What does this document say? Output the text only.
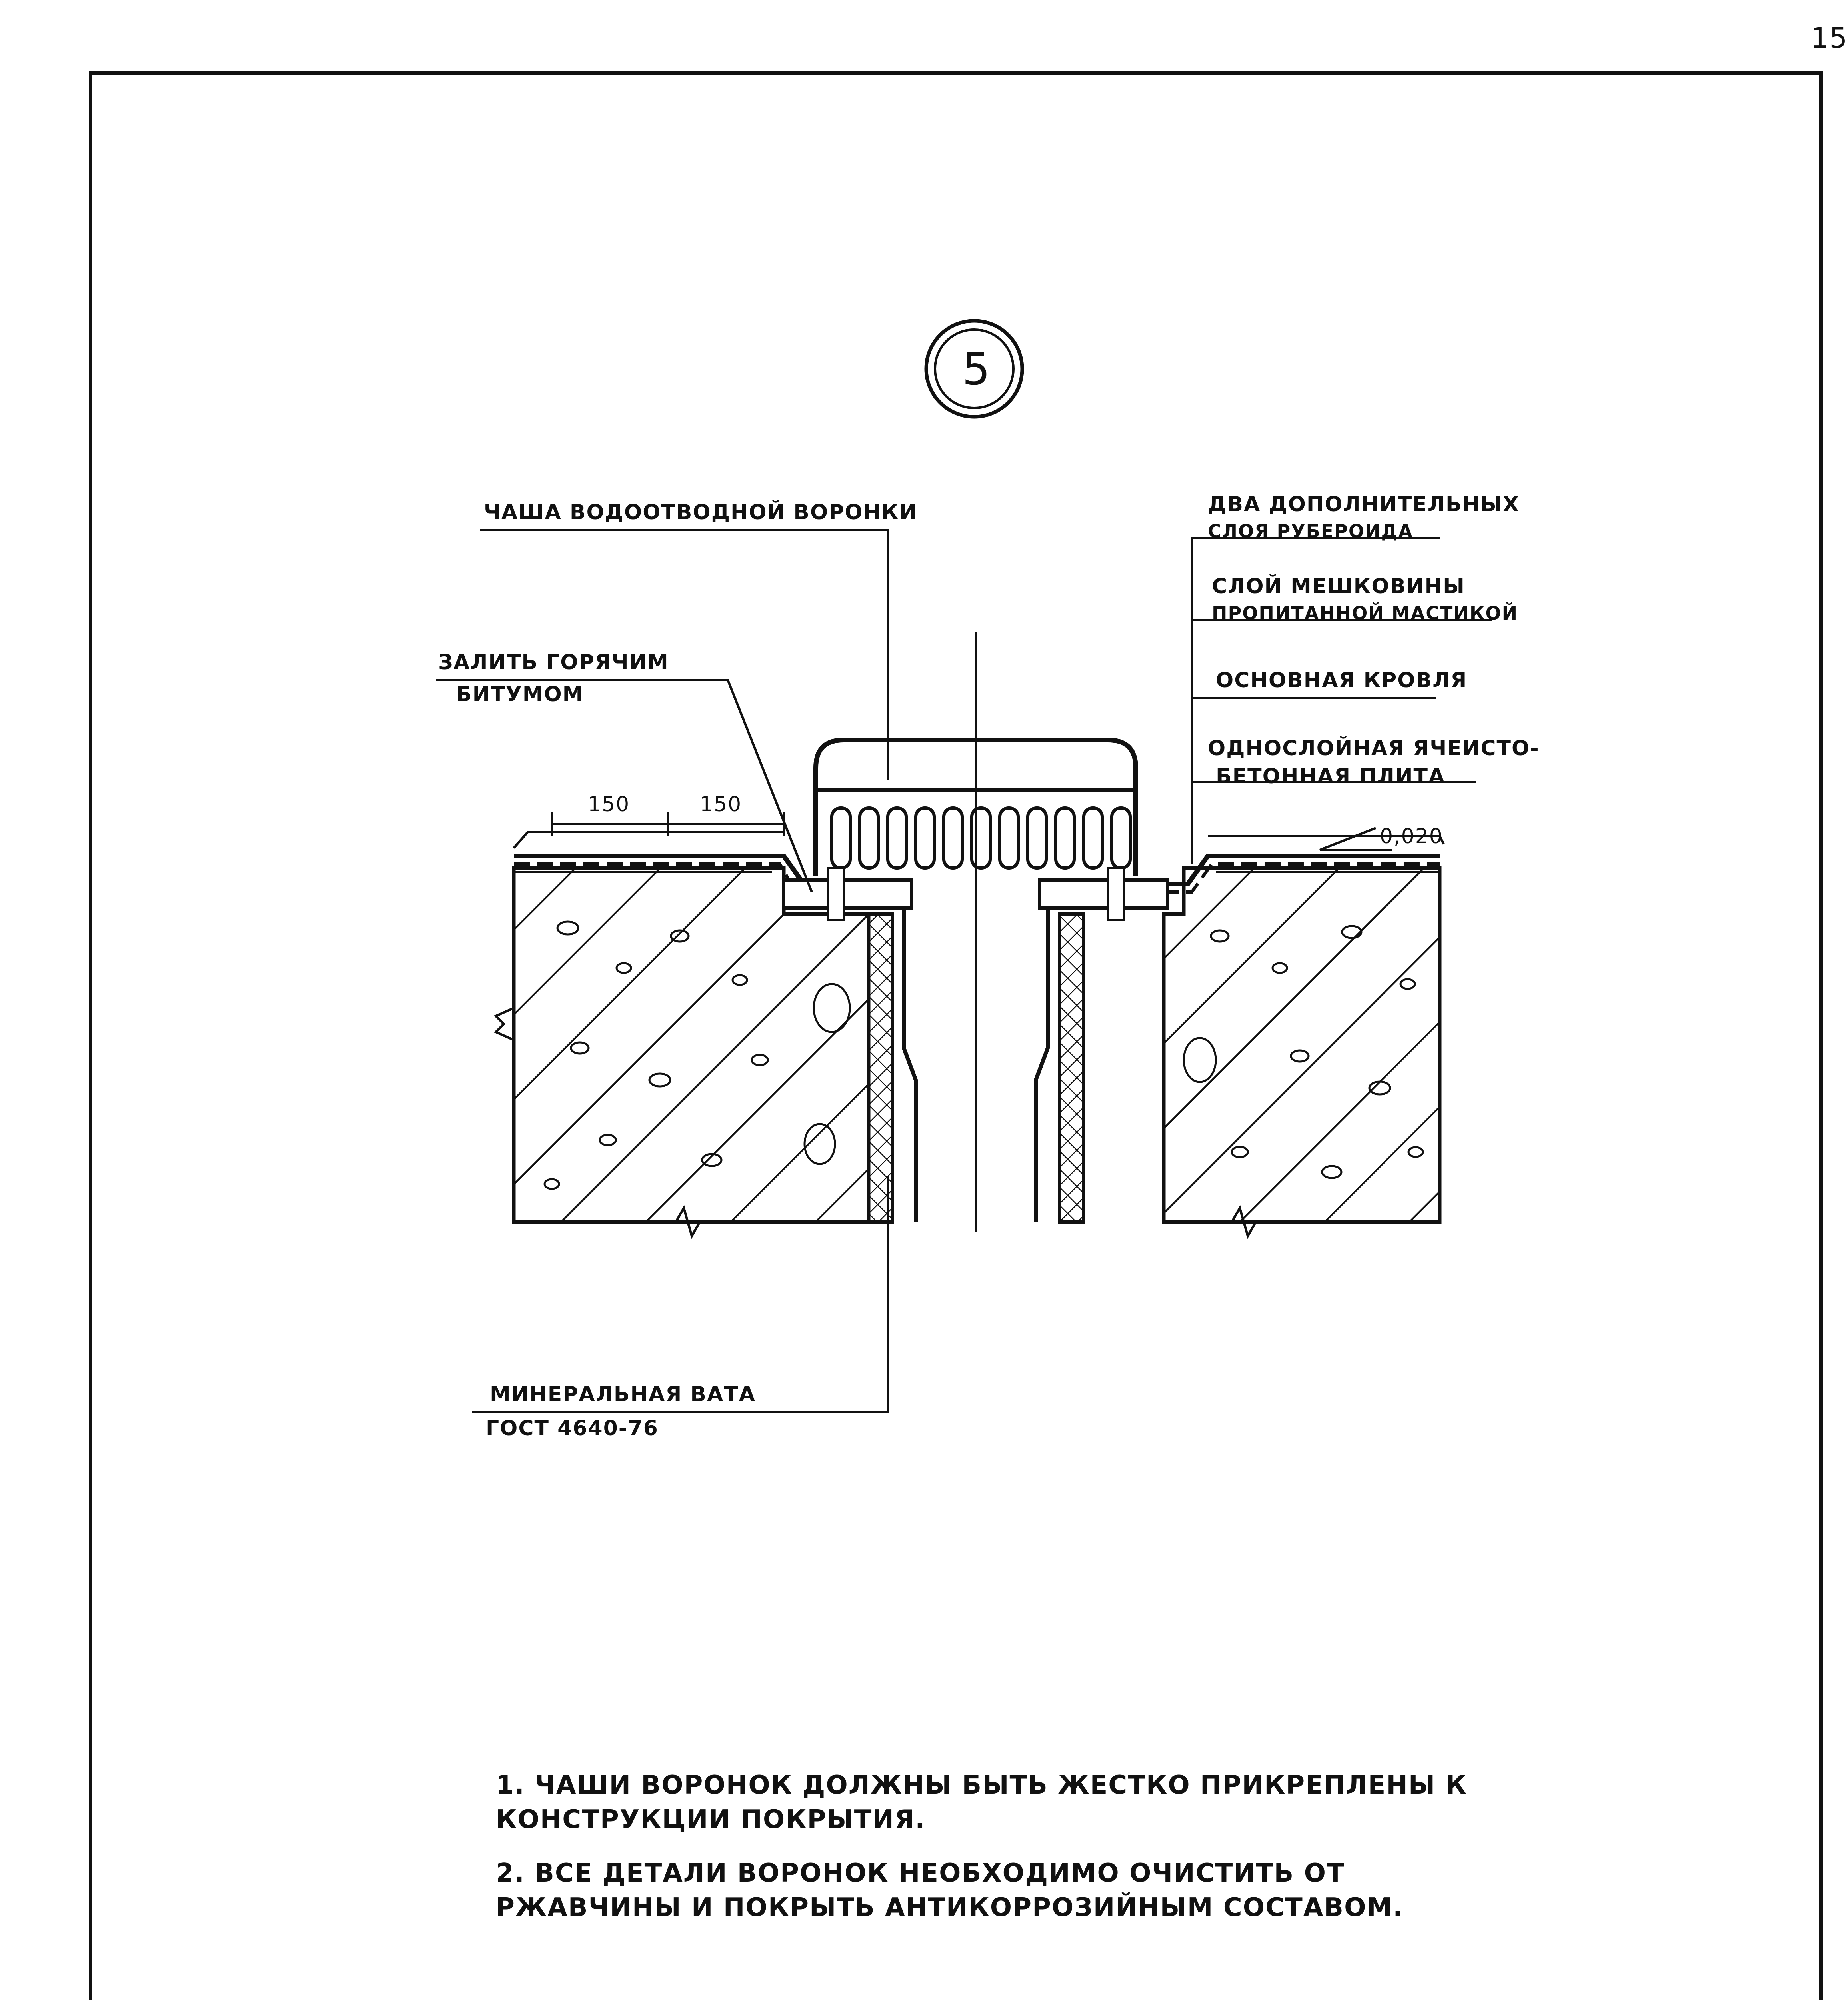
15
ЧАША ВОДООТВОДНОЙ ВОРОНКИ
ЗАЛИТЬ ГОРЯЧИМ
БИТУМОМ
ДВА ДОПОЛНИТЕЛЬНЫХ
СЛОЯ РУБЕРОИДА
СЛОЙ МЕШКОВИНЫ
ПРОПИТАННОЙ МАСТИКОЙ
ОСНОВНАЯ КРОВЛЯ
ОДНОСЛОЙНАЯ ЯЧЕИСТО-
БЕТОННАЯ ПЛИТА
МИНЕРАЛЬНАЯ ВАТА
ГОСТ 4640-76
150	150
0,020
5
1. ЧАШИ ВОРОНОК ДОЛЖНЫ БЫТЬ ЖЕСТКО ПРИКРЕПЛЕНЫ К КОНСТРУКЦИИ ПОКРЫТИЯ.
2. ВСЕ ДЕТАЛИ ВОРОНОК НЕОБХОДИМО ОЧИСТИТЬ ОТ РЖАВЧИНЫ И ПОКРЫТЬ АНТИКОРРОЗИЙНЫМ СОСТАВОМ.
